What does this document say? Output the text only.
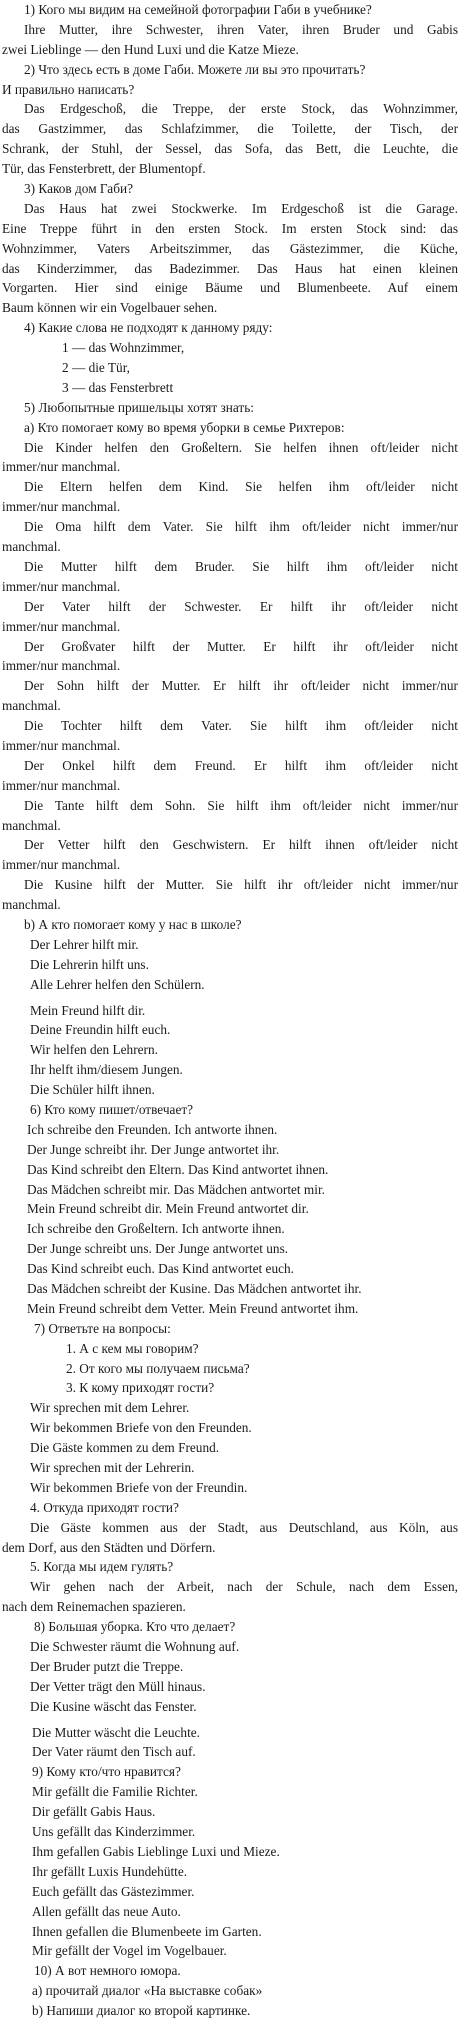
1) Кого мы видим на семейной фотографии Габи в учебнике?
Ihre Mutter, ihre Schwester, ihren Vater, ihren Bruder und Gabis
zwei Lieblinge — den Hund Luxi und die Katze Mieze.
2) Что здесь есть в доме Габи. Можете ли вы это прочитать?
И правильно написать?
Das Erdgeschoß, die Treppe, der erste Stock, das Wohnzimmer,
das Gastzimmer, das Schlafzimmer, die Toilette, der Tisch, der
Schrank, der Stuhl, der Sessel, das Sofa, das Bett, die Leuchte, die
Tür, das Fensterbrett, der Blumentopf.
3) Каков дом Габи?
Das Haus hat zwei Stockwerke. Im Erdgeschoß ist die Garage.
Eine Treppe führt in den ersten Stock. Im ersten Stock sind: das
Wohnzimmer, Vaters Arbeitszimmer, das Gästezimmer, die Küche,
das Kinderzimmer, das Badezimmer. Das Haus hat einen kleinen
Vorgarten. Hier sind einige Bäume und Blumenbeete. Auf einem
Baum können wir ein Vogelbauer sehen.
4) Какие слова не подходят к данному ряду:
1 — das Wohnzimmer,
2 — die Tür,
3 — das Fensterbrett
5) Любопытные пришельцы хотят знать:
а) Кто помогает кому во время уборки в семье Рихтеров:
Die Kinder helfen den Großeltern. Sie helfen ihnen oft/leider nicht
immer/nur manchmal.
Die Eltern helfen dem Kind. Sie helfen ihm oft/leider nicht
immer/nur manchmal.
Die Oma hilft dem Vater. Sie hilft ihm oft/leider nicht immer/nur
manchmal.
Die Mutter hilft dem Bruder. Sie hilft ihm oft/leider nicht
immer/nur manchmal.
Der Vater hilft der Schwester. Er hilft ihr oft/leider nicht
immer/nur manchmal.
Der Großvater hilft der Mutter. Er hilft ihr oft/leider nicht
immer/nur manchmal.
Der Sohn hilft der Mutter. Er hilft ihr oft/leider nicht immer/nur
manchmal.
Die Tochter hilft dem Vater. Sie hilft ihm oft/leider nicht
immer/nur manchmal.
Der Onkel hilft dem Freund. Er hilft ihm oft/leider nicht
immer/nur manchmal.
Die Tante hilft dem Sohn. Sie hilft ihm oft/leider nicht immer/nur
manchmal.
Der Vetter hilft den Geschwistern. Er hilft ihnen oft/leider nicht
immer/nur manchmal.
Die Kusine hilft der Mutter. Sie hilft ihr oft/leider nicht immer/nur
manchmal.
b) А кто помогает кому у нас в школе?
Der Lehrer hilft mir.
Die Lehrerin hilft uns.
Alle Lehrer helfen den Schülern.
Mein Freund hilft dir.
Deine Freundin hilft euch.
Wir helfen den Lehrern.
Ihr helft ihm/diesem Jungen.
Die Schüler hilft ihnen.
6) Кто кому пишет/отвечает?
Ich schreibe den Freunden. Ich antworte ihnen.
Der Junge schreibt ihr. Der Junge antwortet ihr.
Das Kind schreibt den Eltern. Das Kind antwortet ihnen.
Das Mädchen schreibt mir. Das Mädchen antwortet mir.
Mein Freund schreibt dir. Mein Freund antwortet dir.
Ich schreibe den Großeltern. Ich antworte ihnen.
Der Junge schreibt uns. Der Junge antwortet uns.
Das Kind schreibt euch. Das Kind antwortet euch.
Das Mädchen schreibt der Kusine. Das Mädchen antwortet ihr.
Mein Freund schreibt dem Vetter. Mein Freund antwortet ihm.
7) Ответьте на вопросы:
1. А с кем мы говорим?
2. От кого мы получаем письма?
3. К кому приходят гости?
Wir sprechen mit dem Lehrer.
Wir bekommen Briefe von den Freunden.
Die Gäste kommen zu dem Freund.
Wir sprechen mit der Lehrerin.
Wir bekommen Briefe von der Freundin.
4. Откуда приходят гости?
Die Gäste kommen aus der Stadt, aus Deutschland, aus Köln, aus
dem Dorf, aus den Städten und Dörfern.
5. Когда мы идем гулять?
Wir gehen nach der Arbeit, nach der Schule, nach dem Essen,
nach dem Reinemachen spazieren.
8) Большая уборка. Кто что делает?
Die Schwester räumt die Wohnung auf.
Der Bruder putzt die Treppe.
Der Vetter trägt den Müll hinaus.
Die Kusine wäscht das Fenster.
Die Mutter wäscht die Leuchte.
Der Vater räumt den Tisch auf.
9) Кому кто/что нравится?
Mir gefällt die Familie Richter.
Dir gefällt Gabis Haus.
Uns gefällt das Kinderzimmer.
Ihm gefallen Gabis Lieblinge Luxi und Mieze.
Ihr gefällt Luxis Hundehütte.
Euch gefällt das Gästezimmer.
Allen gefällt das neue Auto.
Ihnen gefallen die Blumenbeete im Garten.
Mir gefällt der Vogel im Vogelbauer.
10) А вот немного юмора.
а) прочитай диалог «На выставке собак»
b) Напиши диалог ко второй картинке.
